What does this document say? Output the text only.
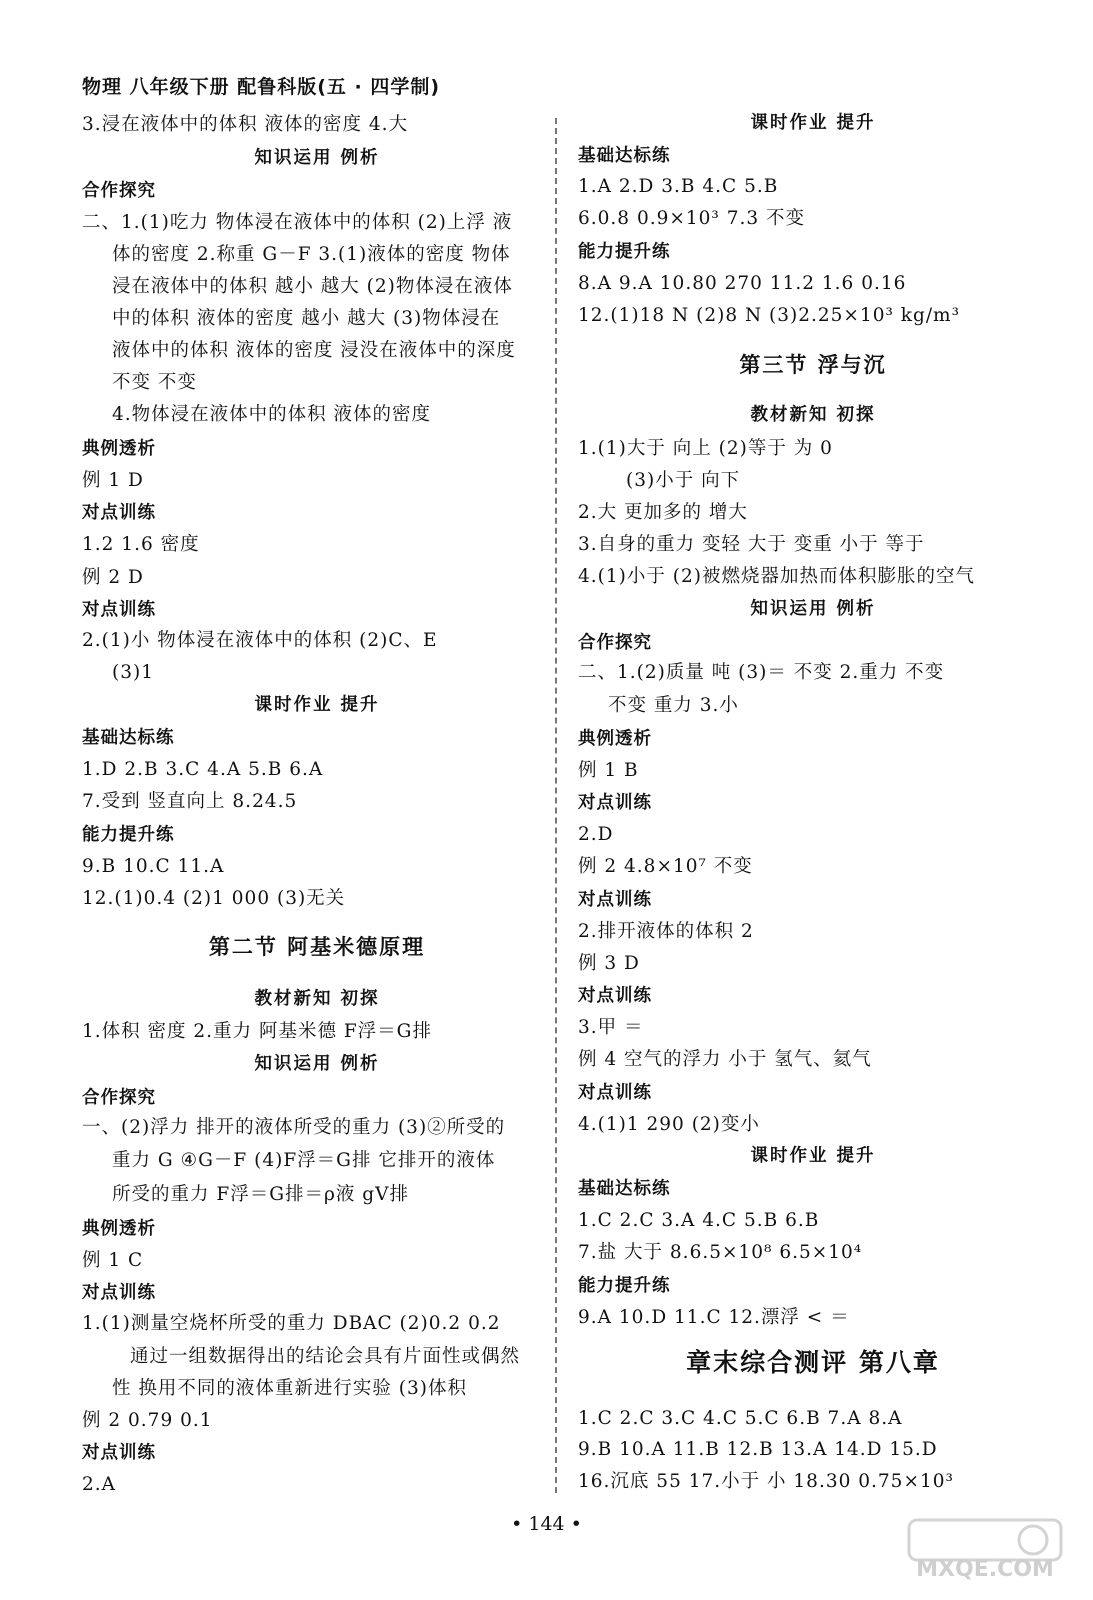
物理 八年级下册 配鲁科版(五 · 四学制)
3.浸在液体中的体积 液体的密度 4.大
知识运用 例析
合作探究
二、1.(1)吃力 物体浸在液体中的体积 (2)上浮 液
体的密度 2.称重 G－F 3.(1)液体的密度 物体
浸在液体中的体积 越小 越大 (2)物体浸在液体
中的体积 液体的密度 越小 越大 (3)物体浸在
液体中的体积 液体的密度 浸没在液体中的深度
不变 不变
4.物体浸在液体中的体积 液体的密度
典例透析
例 1 D
对点训练
1.2 1.6 密度
例 2 D
对点训练
2.(1)小 物体浸在液体中的体积 (2)C、E
(3)1
课时作业 提升
基础达标练
1.D 2.B 3.C 4.A 5.B 6.A
7.受到 竖直向上 8.24.5
能力提升练
9.B 10.C 11.A
12.(1)0.4 (2)1 000 (3)无关
第二节 阿基米德原理
教材新知 初探
1.体积 密度 2.重力 阿基米德 F浮＝G排
知识运用 例析
合作探究
一、(2)浮力 排开的液体所受的重力 (3)②所受的
重力 G ④G－F (4)F浮＝G排 它排开的液体
所受的重力 F浮＝G排＝ρ液 gV排
典例透析
例 1 C
对点训练
1.(1)测量空烧杯所受的重力 DBAC (2)0.2 0.2
通过一组数据得出的结论会具有片面性或偶然
性 换用不同的液体重新进行实验 (3)体积
例 2 0.79 0.1
对点训练
2.A
课时作业 提升
基础达标练
1.A 2.D 3.B 4.C 5.B
6.0.8 0.9×10³ 7.3 不变
能力提升练
8.A 9.A 10.80 270 11.2 1.6 0.16
12.(1)18 N (2)8 N (3)2.25×10³ kg/m³
第三节 浮与沉
教材新知 初探
1.(1)大于 向上 (2)等于 为 0
(3)小于 向下
2.大 更加多的 增大
3.自身的重力 变轻 大于 变重 小于 等于
4.(1)小于 (2)被燃烧器加热而体积膨胀的空气
知识运用 例析
合作探究
二、1.(2)质量 吨 (3)＝ 不变 2.重力 不变
不变 重力 3.小
典例透析
例 1 B
对点训练
2.D
例 2 4.8×10⁷ 不变
对点训练
2.排开液体的体积 2
例 3 D
对点训练
3.甲 ＝
例 4 空气的浮力 小于 氢气、氦气
对点训练
4.(1)1 290 (2)变小
课时作业 提升
基础达标练
1.C 2.C 3.A 4.C 5.B 6.B
7.盐 大于 8.6.5×10⁸ 6.5×10⁴
能力提升练
9.A 10.D 11.C 12.漂浮 < ＝
章末综合测评 第八章
1.C 2.C 3.C 4.C 5.C 6.B 7.A 8.A
9.B 10.A 11.B 12.B 13.A 14.D 15.D
16.沉底 55 17.小于 小 18.30 0.75×10³
• 144 •
MXQE.COM
